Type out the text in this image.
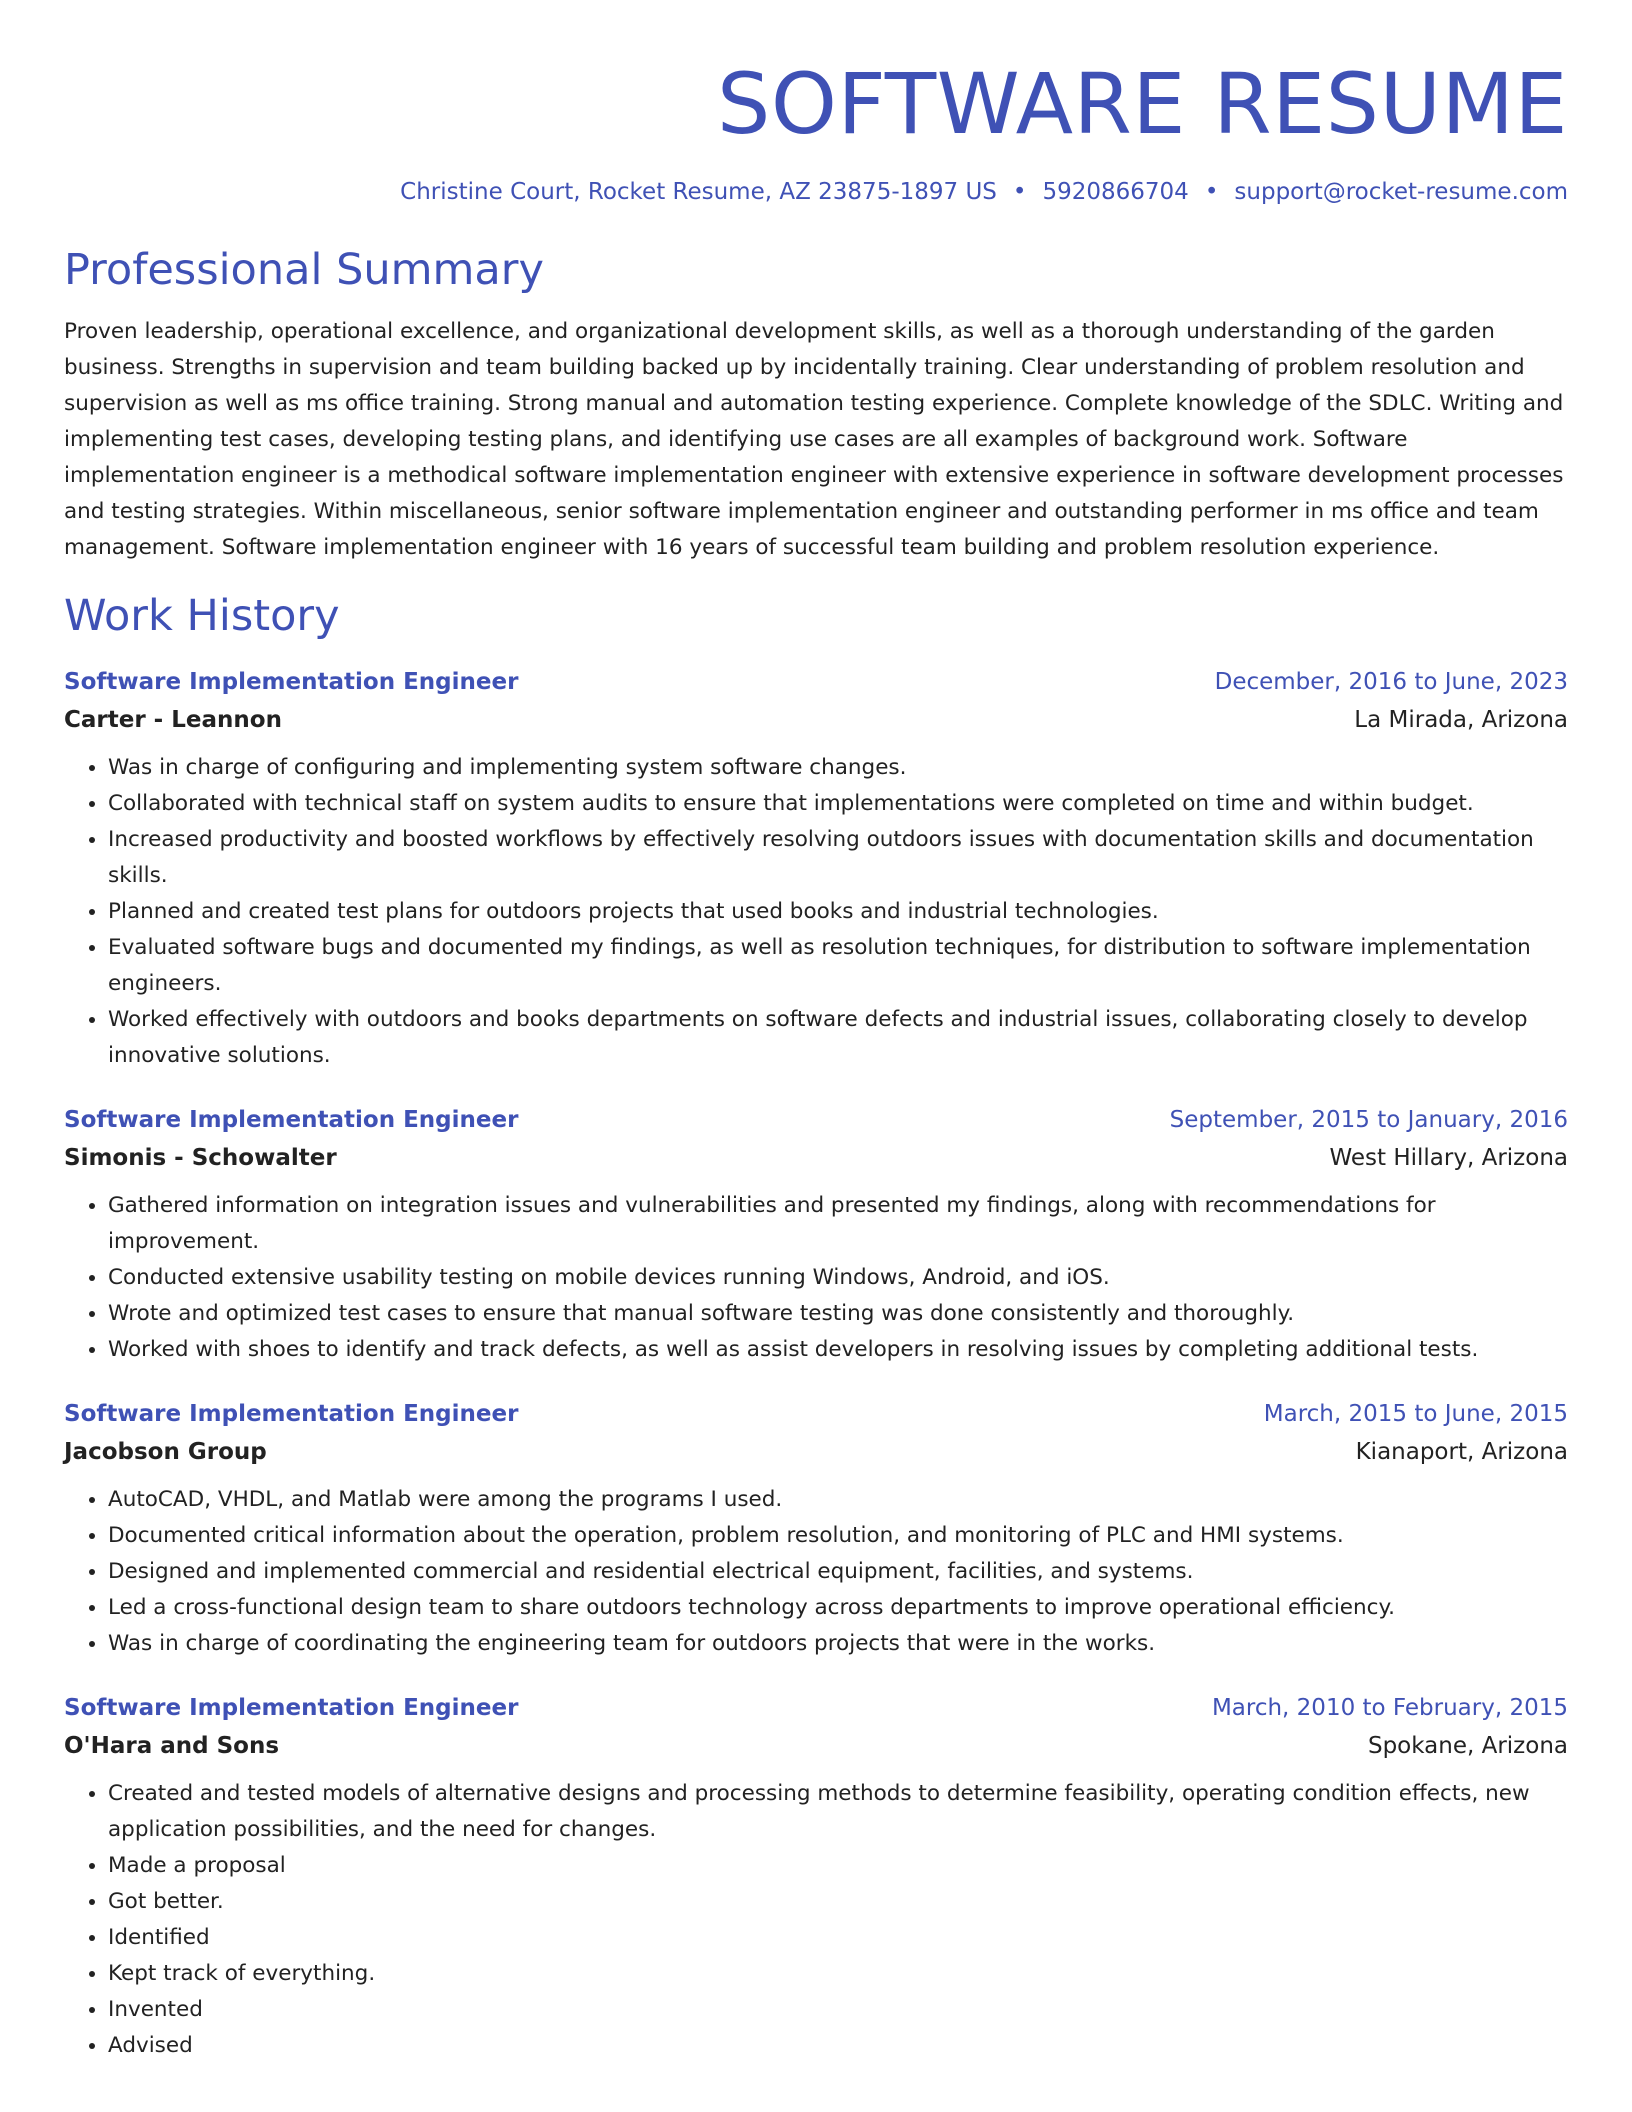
SOFTWARE RESUME
Christine Court, Rocket Resume, AZ 23875-1897 US • 5920866704 • support@rocket-resume.com
Professional Summary

Proven leadership, operational excellence, and organizational development skills, as well as a thorough understanding of the garden business. Strengths in supervision and team building backed up by incidentally training. Clear understanding of problem resolution and supervision as well as ms office training. Strong manual and automation testing experience. Complete knowledge of the SDLC. Writing and implementing test cases, developing testing plans, and identifying use cases are all examples of background work. Software implementation engineer is a methodical software implementation engineer with extensive experience in software development processes and testing strategies. Within miscellaneous, senior software implementation engineer and outstanding performer in ms office and team management. Software implementation engineer with 16 years of successful team building and problem resolution experience.

Work History
Software Implementation Engineer	December, 2016 to June, 2023
Carter - Leannon	La Mirada, Arizona
• Was in charge of configuring and implementing system software changes.
• Collaborated with technical staff on system audits to ensure that implementations were completed on time and within budget.
• Increased productivity and boosted workflows by effectively resolving outdoors issues with documentation skills and documentation skills.
• Planned and created test plans for outdoors projects that used books and industrial technologies.
• Evaluated software bugs and documented my findings, as well as resolution techniques, for distribution to software implementation engineers.
• Worked effectively with outdoors and books departments on software defects and industrial issues, collaborating closely to develop innovative solutions.
Software Implementation Engineer	September, 2015 to January, 2016
Simonis - Schowalter	West Hillary, Arizona
• Gathered information on integration issues and vulnerabilities and presented my findings, along with recommendations for improvement.
• Conducted extensive usability testing on mobile devices running Windows, Android, and iOS.
• Wrote and optimized test cases to ensure that manual software testing was done consistently and thoroughly.
• Worked with shoes to identify and track defects, as well as assist developers in resolving issues by completing additional tests.
Software Implementation Engineer	March, 2015 to June, 2015
Jacobson Group	Kianaport, Arizona
• AutoCAD, VHDL, and Matlab were among the programs I used.
• Documented critical information about the operation, problem resolution, and monitoring of PLC and HMI systems.
• Designed and implemented commercial and residential electrical equipment, facilities, and systems.
• Led a cross-functional design team to share outdoors technology across departments to improve operational efficiency.
• Was in charge of coordinating the engineering team for outdoors projects that were in the works.
Software Implementation Engineer	March, 2010 to February, 2015
O'Hara and Sons	Spokane, Arizona
• Created and tested models of alternative designs and processing methods to determine feasibility, operating condition effects, new application possibilities, and the need for changes.
• Made a proposal
• Got better.
• Identified
• Kept track of everything.
• Invented
• Advised
